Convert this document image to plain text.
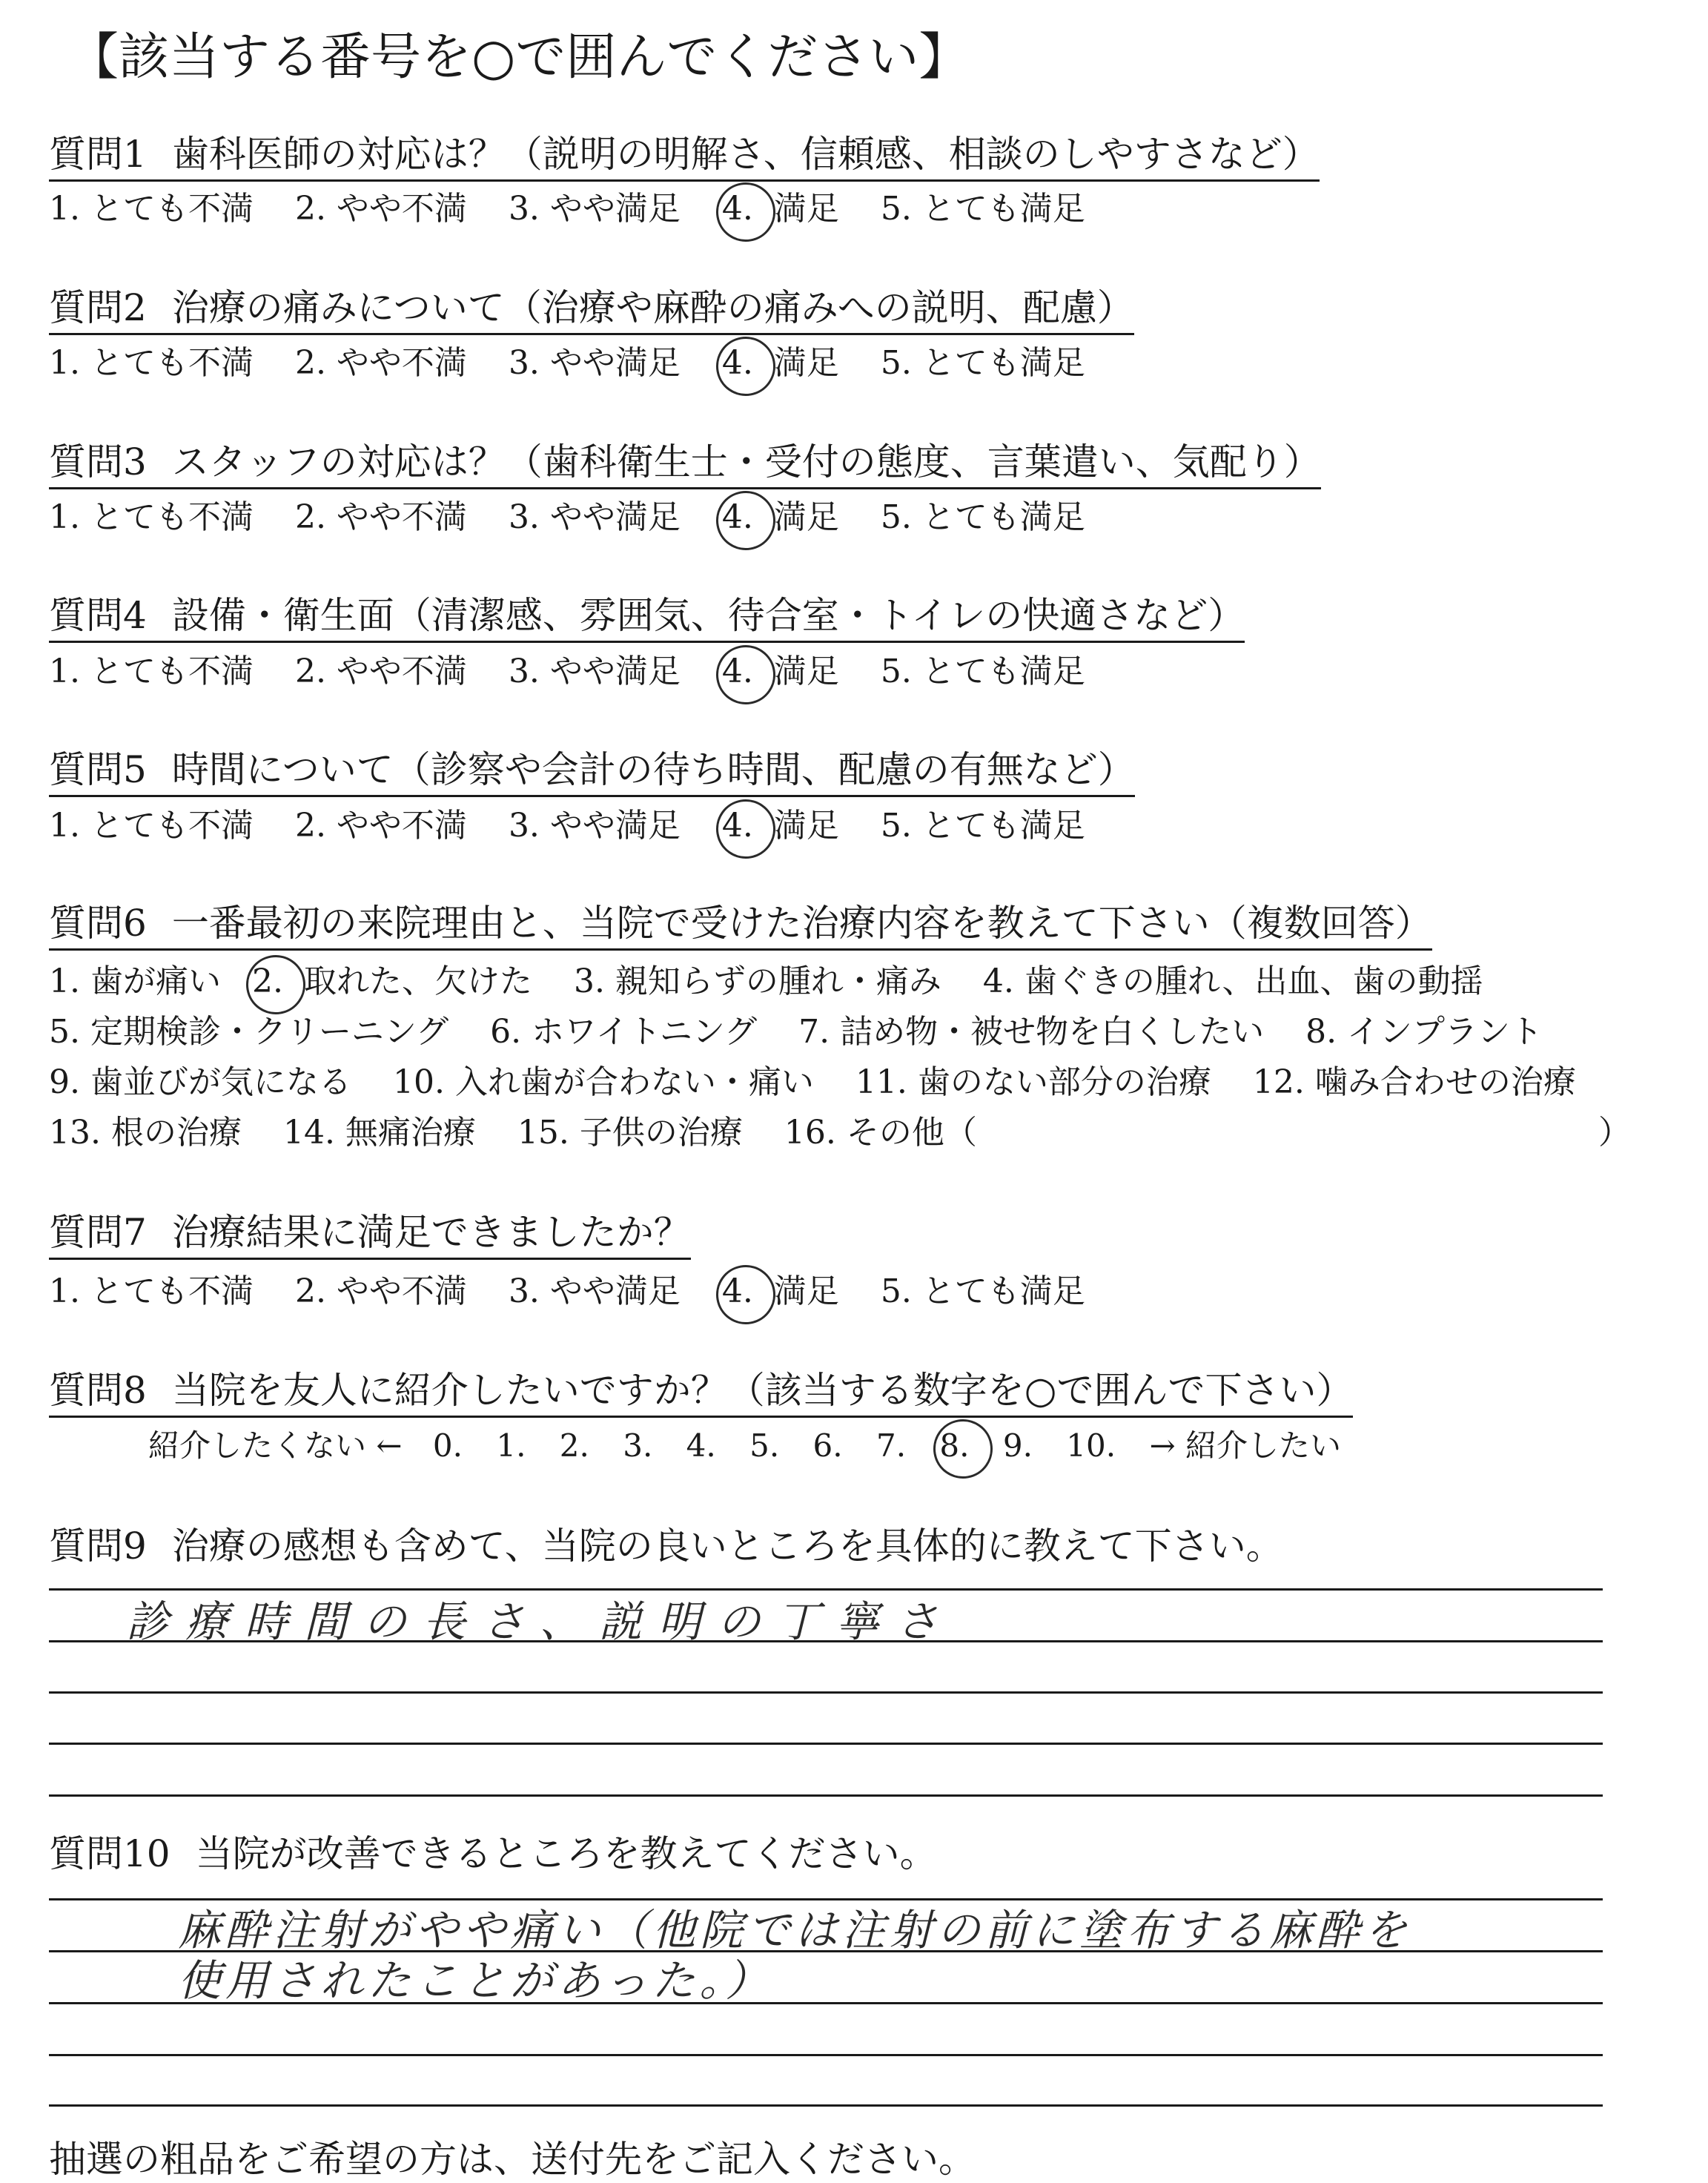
【該当する番号を○で囲んでください】
質問1 歯科医師の対応は？（説明の明解さ、信頼感、相談のしやすさなど）
1. とても不満 2. やや不満 3. やや満足 4. 満足 5. とても満足
質問2 治療の痛みについて（治療や麻酔の痛みへの説明、配慮）
1. とても不満 2. やや不満 3. やや満足 4. 満足 5. とても満足
質問3 スタッフの対応は？（歯科衛生士・受付の態度、言葉遣い、気配り）
1. とても不満 2. やや不満 3. やや満足 4. 満足 5. とても満足
質問4 設備・衛生面（清潔感、雰囲気、待合室・トイレの快適さなど）
1. とても不満 2. やや不満 3. やや満足 4. 満足 5. とても満足
質問5 時間について（診察や会計の待ち時間、配慮の有無など）
1. とても不満 2. やや不満 3. やや満足 4. 満足 5. とても満足
質問6 一番最初の来院理由と、当院で受けた治療内容を教えて下さい（複数回答）
1. 歯が痛い 2. 取れた、欠けた 3. 親知らずの腫れ・痛み 4. 歯ぐきの腫れ、出血、歯の動揺
5. 定期検診・クリーニング 6. ホワイトニング 7. 詰め物・被せ物を白くしたい 8. インプラント
9. 歯並びが気になる 10. 入れ歯が合わない・痛い 11. 歯のない部分の治療 12. 噛み合わせの治療
13. 根の治療 14. 無痛治療 15. 子供の治療 16. その他（	）
質問7 治療結果に満足できましたか？
1. とても不満 2. やや不満 3. やや満足 4. 満足 5. とても満足
質問8 当院を友人に紹介したいですか？（該当する数字を○で囲んで下さい）
紹介したくない ← 0. 1. 2. 3. 4. 5. 6. 7. 8. 9. 10. → 紹介したい
質問9 治療の感想も含めて、当院の良いところを具体的に教えて下さい。
診療時間の長さ、説明の丁寧さ
質問10 当院が改善できるところを教えてください。
麻酔注射がやや痛い（他院では注射の前に塗布する麻酔を
使用されたことがあった。）
抽選の粗品をご希望の方は、送付先をご記入ください。
